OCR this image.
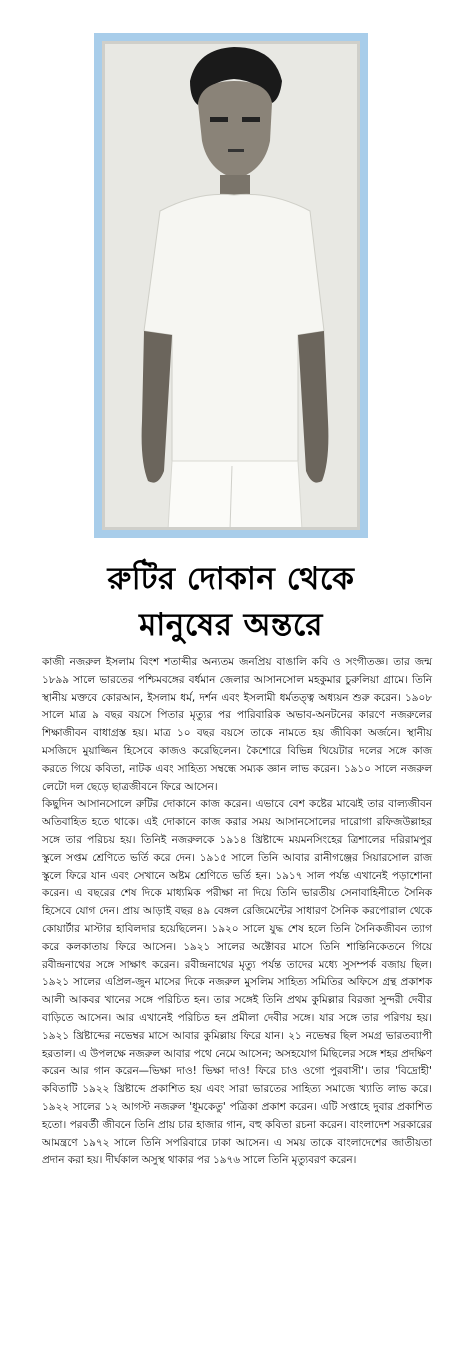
রুটির দোকান থেকে
মানুষের অন্তরে

কাজী নজরুল ইসলাম বিংশ শতাব্দীর অন্যতম জনপ্রিয় বাঙালি কবি ও সংগীতজ্ঞ। তার জন্ম ১৮৯৯ সালে ভারতের পশ্চিমবঙ্গের বর্ধমান জেলার আসানসোল মহকুমার চুরুলিয়া গ্রামে। তিনি স্থানীয় মক্তবে কোরআন, ইসলাম ধর্ম, দর্শন এবং ইসলামী ধর্মতত্ত্ব অধ্যয়ন শুরু করেন। ১৯০৮ সালে মাত্র ৯ বছর বয়সে পিতার মৃত্যুর পর পারিবারিক অভাব-অনটনের কারণে নজরুলের শিক্ষাজীবন বাধাগ্রস্ত হয়। মাত্র ১০ বছর বয়সে তাকে নামতে হয় জীবিকা অর্জনে। স্থানীয় মসজিদে মুয়াজ্জিন হিসেবে কাজও করেছিলেন। কৈশোরে বিভিন্ন থিয়েটার দলের সঙ্গে কাজ করতে গিয়ে কবিতা, নাটক এবং সাহিত্য সম্বন্ধে সম্যক জ্ঞান লাভ করেন। ১৯১০ সালে নজরুল লেটো দল ছেড়ে ছাত্রজীবনে ফিরে আসেন।

কিছুদিন আসানসোলে রুটির দোকানে কাজ করেন। এভাবে বেশ কষ্টের মাঝেই তার বাল্যজীবন অতিবাহিত হতে থাকে। এই দোকানে কাজ করার সময় আসানসোলের দারোগা রফিজউল্লাহর সঙ্গে তার পরিচয় হয়। তিনিই নজরুলকে ১৯১৪ খ্রিষ্টাব্দে ময়মনসিংহের ত্রিশালের দরিরামপুর স্কুলে সপ্তম শ্রেণিতে ভর্তি করে দেন। ১৯১৫ সালে তিনি আবার রানীগঞ্জের সিয়ারসোল রাজ স্কুলে ফিরে যান এবং সেখানে অষ্টম শ্রেণিতে ভর্তি হন। ১৯১৭ সাল পর্যন্ত এখানেই পড়াশোনা করেন। এ বছরের শেষ দিকে মাধ্যমিক পরীক্ষা না দিয়ে তিনি ভারতীয় সেনাবাহিনীতে সৈনিক হিসেবে যোগ দেন। প্রায় আড়াই বছর ৪৯ বেঙ্গল রেজিমেন্টের সাধারণ সৈনিক করপোরাল থেকে কোয়ার্টার মাস্টার হাবিলদার হয়েছিলেন। ১৯২০ সালে যুদ্ধ শেষ হলে তিনি সৈনিকজীবন ত্যাগ করে কলকাতায় ফিরে আসেন। ১৯২১ সালের অক্টোবর মাসে তিনি শান্তিনিকেতনে গিয়ে রবীন্দ্রনাথের সঙ্গে সাক্ষাৎ করেন। রবীন্দ্রনাথের মৃত্যু পর্যন্ত তাদের মধ্যে সুসম্পর্ক বজায় ছিল। ১৯২১ সালের এপ্রিল-জুন মাসের দিকে নজরুল মুসলিম সাহিত্য সমিতির অফিসে গ্রন্থ প্রকাশক আলী আকবর খানের সঙ্গে পরিচিত হন। তার সঙ্গেই তিনি প্রথম কুমিল্লার বিরজা সুন্দরী দেবীর বাড়িতে আসেন। আর এখানেই পরিচিত হন প্রমীলা দেবীর সঙ্গে। যার সঙ্গে তার পরিণয় হয়। ১৯২১ খ্রিষ্টাব্দের নভেম্বর মাসে আবার কুমিল্লায় ফিরে যান। ২১ নভেম্বর ছিল সমগ্র ভারতব্যাপী হরতাল। এ উপলক্ষে নজরুল আবার পথে নেমে আসেন; অসহযোগ মিছিলের সঙ্গে শহর প্রদক্ষিণ করেন আর গান করেন—ভিক্ষা দাও! ভিক্ষা দাও! ফিরে চাও ওগো পুরবাসী'। তার 'বিদ্রোহী' কবিতাটি ১৯২২ খ্রিষ্টাব্দে প্রকাশিত হয় এবং সারা ভারতের সাহিত্য সমাজে খ্যাতি লাভ করে। ১৯২২ সালের ১২ আগস্ট নজরুল 'ধূমকেতু' পত্রিকা প্রকাশ করেন। এটি সপ্তাহে দুবার প্রকাশিত হতো। পরবর্তী জীবনে তিনি প্রায় চার হাজার গান, বহু কবিতা রচনা করেন। বাংলাদেশ সরকারের আমন্ত্রণে ১৯৭২ সালে তিনি সপরিবারে ঢাকা আসেন। এ সময় তাকে বাংলাদেশের জাতীয়তা প্রদান করা হয়। দীর্ঘকাল অসুস্থ থাকার পর ১৯৭৬ সালে তিনি মৃত্যুবরণ করেন।
